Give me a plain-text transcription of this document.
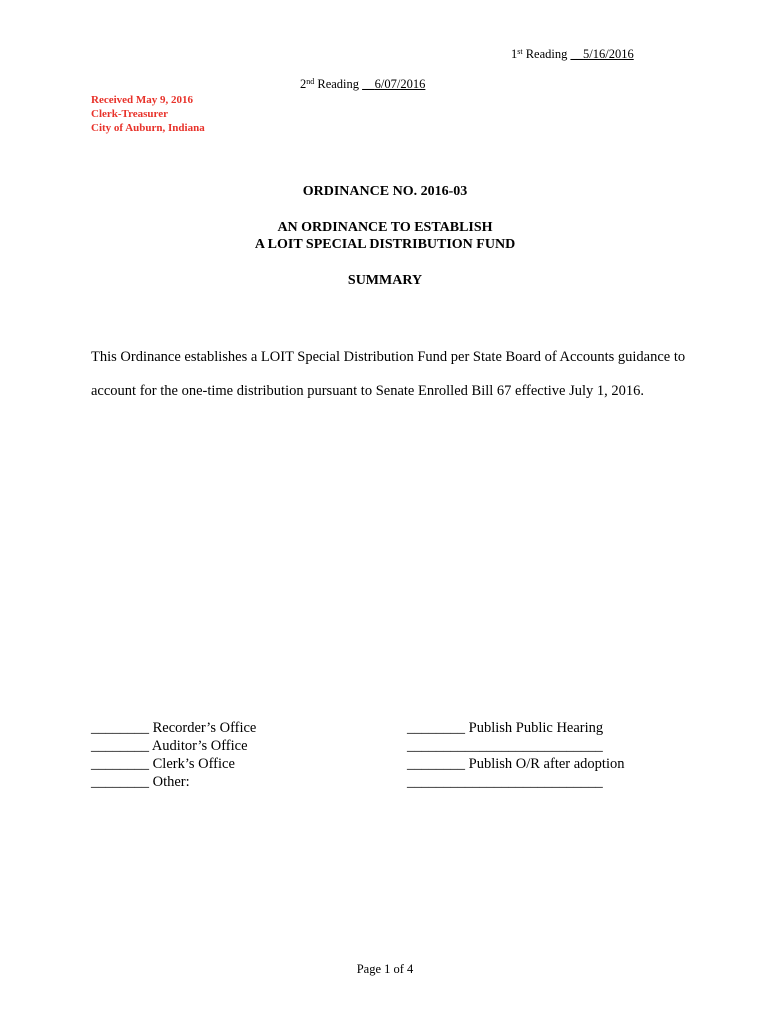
1st Reading __5/16/2016
2nd Reading __6/07/2016
Received May 9, 2016
Clerk-Treasurer
City of Auburn, Indiana
ORDINANCE NO. 2016-03
AN ORDINANCE TO ESTABLISH
A LOIT SPECIAL DISTRIBUTION FUND
SUMMARY
This Ordinance establishes a LOIT Special Distribution Fund per State Board of Accounts guidance to account for the one-time distribution pursuant to Senate Enrolled Bill 67 effective July 1, 2016.
________ Recorder’s Office
________ Auditor’s Office
________ Clerk’s Office
________ Other:
________ Publish Public Hearing
___________________________
________ Publish O/R after adoption
___________________________
Page 1 of 4
